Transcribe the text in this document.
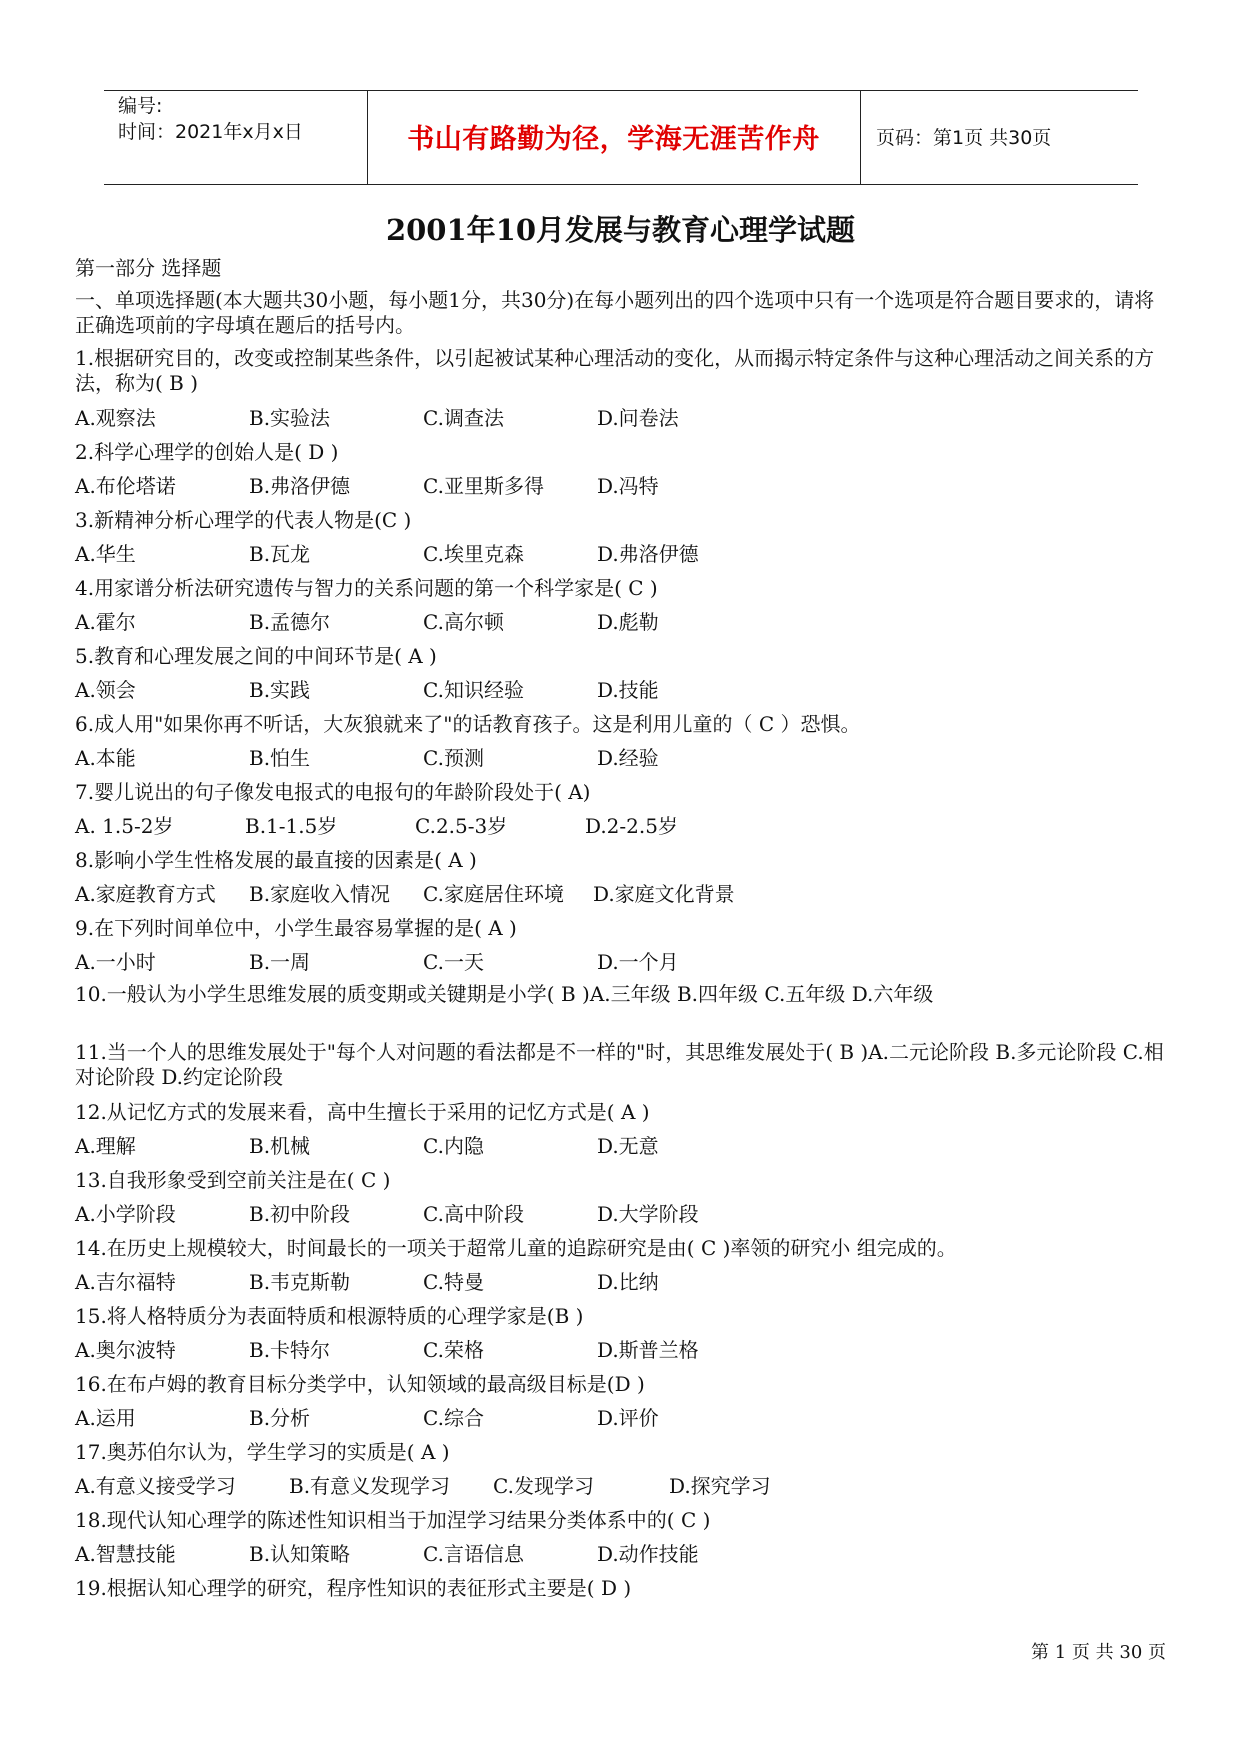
编号:
时间：2021年x月x日	书山有路勤为径，学海无涯苦作舟	页码：第1页 共30页
2001年10月发展与教育心理学试题
第一部分 选择题
一、单项选择题(本大题共30小题，每小题1分，共30分)在每小题列出的四个选项中只有一个选项是符合题目要求的，请将正确选项前的字母填在题后的括号内。
1.根据研究目的，改变或控制某些条件，以引起被试某种心理活动的变化，从而揭示特定条件与这种心理活动之间关系的方法，称为( B )
A.观察法	B.实验法	C.调查法	D.问卷法
2.科学心理学的创始人是( D )
A.布伦塔诺	B.弗洛伊德	C.亚里斯多得	D.冯特
3.新精神分析心理学的代表人物是(C )
A.华生	B.瓦龙	C.埃里克森	D.弗洛伊德
4.用家谱分析法研究遗传与智力的关系问题的第一个科学家是( C )
A.霍尔	B.孟德尔	C.高尔顿	D.彪勒
5.教育和心理发展之间的中间环节是( A )
A.领会	B.实践	C.知识经验	D.技能
6.成人用"如果你再不听话，大灰狼就来了"的话教育孩子。这是利用儿童的（ C ）恐惧。
A.本能	B.怕生	C.预测	D.经验
7.婴儿说出的句子像发电报式的电报句的年龄阶段处于( A)
A. 1.5-2岁	B.1-1.5岁	C.2.5-3岁	D.2-2.5岁
8.影响小学生性格发展的最直接的因素是( A )
A.家庭教育方式	B.家庭收入情况	C.家庭居住环境	D.家庭文化背景
9.在下列时间单位中，小学生最容易掌握的是( A )
A.一小时	B.一周	C.一天	D.一个月
10.一般认为小学生思维发展的质变期或关键期是小学( B )A.三年级 B.四年级 C.五年级 D.六年级
11.当一个人的思维发展处于"每个人对问题的看法都是不一样的"时，其思维发展处于( B )A.二元论阶段 B.多元论阶段 C.相对论阶段 D.约定论阶段
12.从记忆方式的发展来看，高中生擅长于采用的记忆方式是( A )
A.理解	B.机械	C.内隐	D.无意
13.自我形象受到空前关注是在( C )
A.小学阶段	B.初中阶段	C.高中阶段	D.大学阶段
14.在历史上规模较大，时间最长的一项关于超常儿童的追踪研究是由( C )率领的研究小 组完成的。
A.吉尔福特	B.韦克斯勒	C.特曼	D.比纳
15.将人格特质分为表面特质和根源特质的心理学家是(B )
A.奥尔波特	B.卡特尔	C.荣格	D.斯普兰格
16.在布卢姆的教育目标分类学中，认知领域的最高级目标是(D )
A.运用	B.分析	C.综合	D.评价
17.奥苏伯尔认为，学生学习的实质是( A )
A.有意义接受学习	B.有意义发现学习	C.发现学习	D.探究学习
18.现代认知心理学的陈述性知识相当于加涅学习结果分类体系中的( C )
A.智慧技能	B.认知策略	C.言语信息	D.动作技能
19.根据认知心理学的研究，程序性知识的表征形式主要是( D )
第 1 页 共 30 页
